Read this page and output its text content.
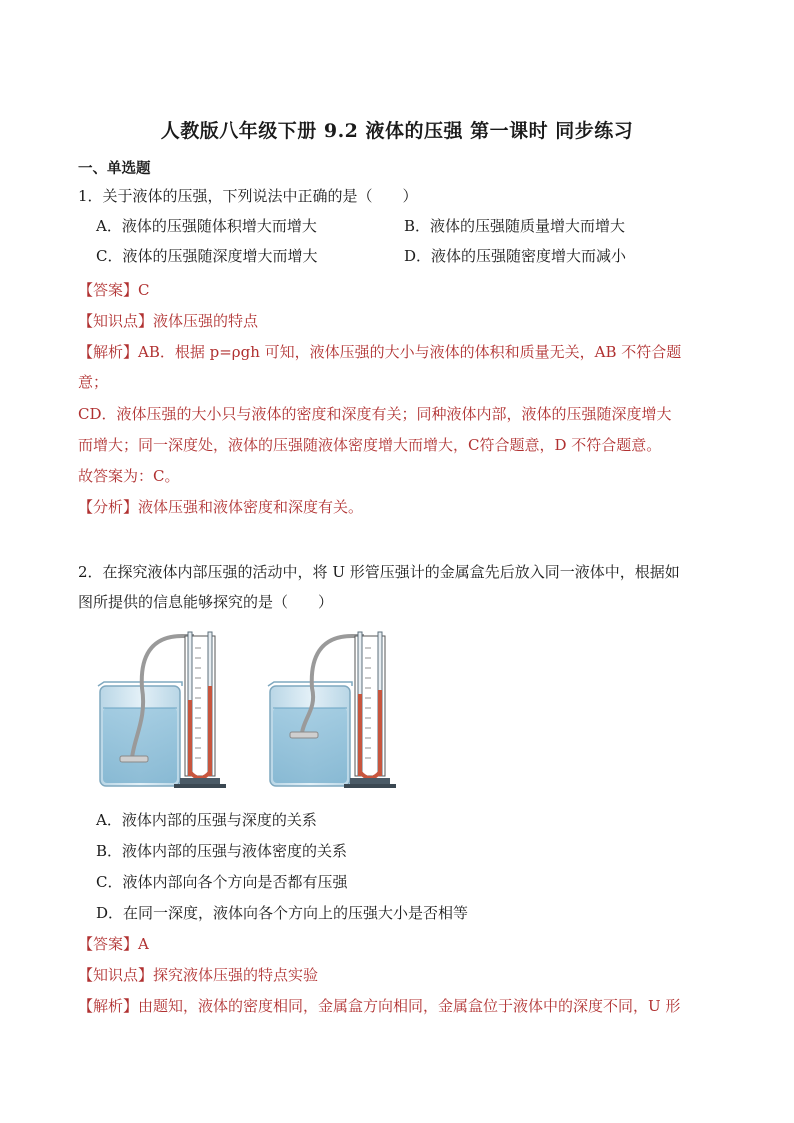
人教版八年级下册 9.2 液体的压强 第一课时 同步练习
一、单选题
1．关于液体的压强，下列说法中正确的是（　　）
A．液体的压强随体积增大而增大	B．液体的压强随质量增大而增大
C．液体的压强随深度增大而增大	D．液体的压强随密度增大而减小
【答案】C
【知识点】液体压强的特点
【解析】AB．根据 p=ρgh 可知，液体压强的大小与液体的体积和质量无关，AB 不符合题
意；
CD．液体压强的大小只与液体的密度和深度有关；同种液体内部，液体的压强随深度增大
而增大；同一深度处，液体的压强随液体密度增大而增大，C符合题意，D 不符合题意。
故答案为：C。
【分析】液体压强和液体密度和深度有关。
2．在探究液体内部压强的活动中，将 U 形管压强计的金属盒先后放入同一液体中，根据如
图所提供的信息能够探究的是（　　）
A．液体内部的压强与深度的关系
B．液体内部的压强与液体密度的关系
C．液体内部向各个方向是否都有压强
D．在同一深度，液体向各个方向上的压强大小是否相等
【答案】A
【知识点】探究液体压强的特点实验
【解析】由题知，液体的密度相同，金属盒方向相同，金属盒位于液体中的深度不同，U 形
